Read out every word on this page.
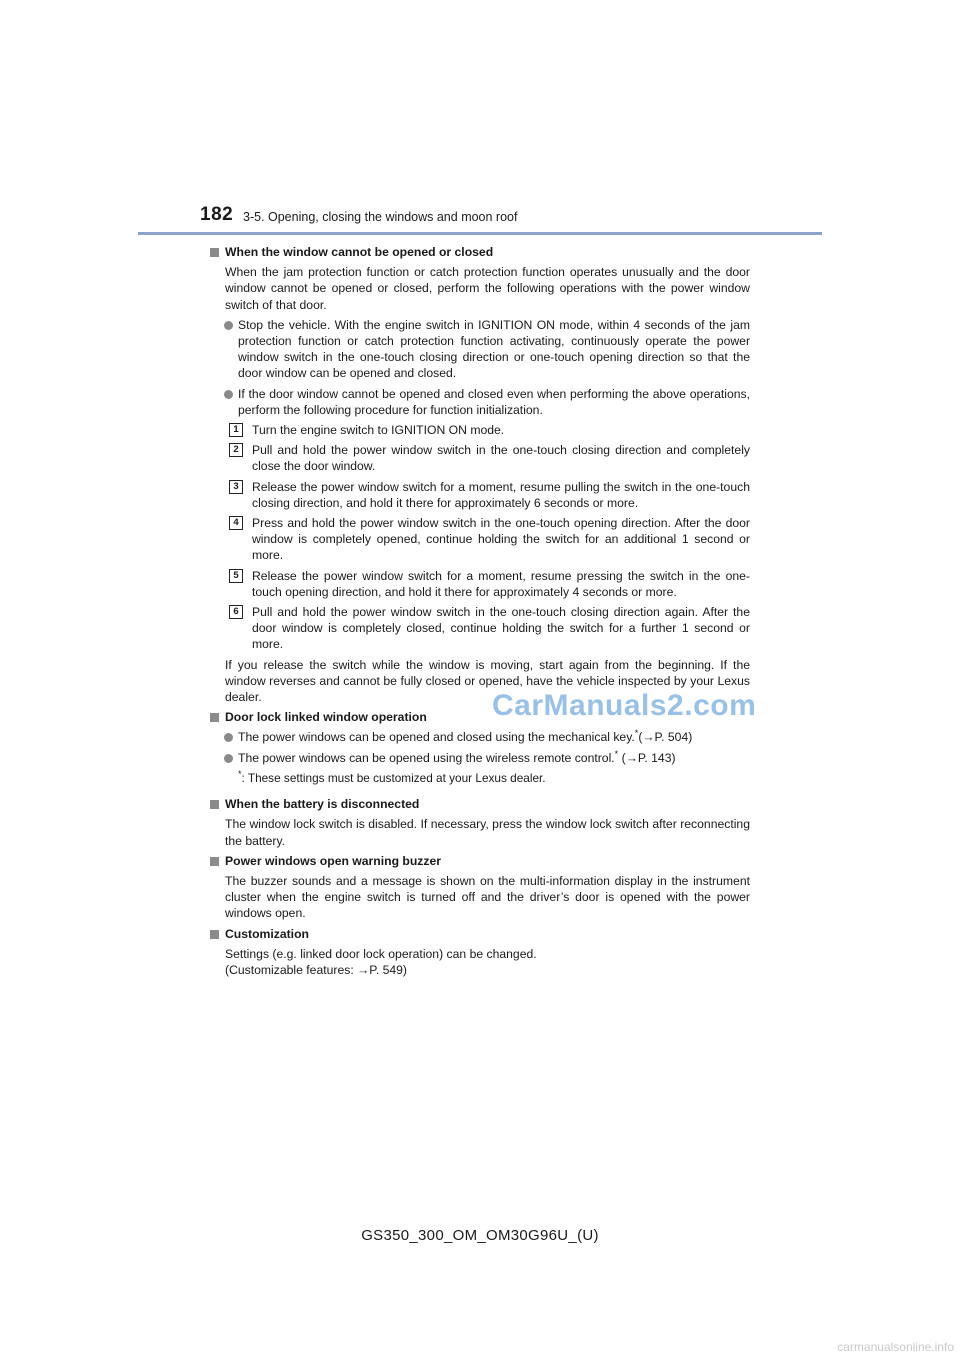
182 3-5. Opening, closing the windows and moon roof
When the window cannot be opened or closed

When the jam protection function or catch protection function operates unusually and the door window cannot be opened or closed, perform the following operations with the power window switch of that door.

Stop the vehicle. With the engine switch in IGNITION ON mode, within 4 seconds of the jam protection function or catch protection function activating, continuously operate the power window switch in the one-touch closing direction or one-touch opening direction so that the door window can be opened and closed.
If the door window cannot be opened and closed even when performing the above operations, perform the following procedure for function initialization.
1	Turn the engine switch to IGNITION ON mode.
2	Pull and hold the power window switch in the one-touch closing direction and completely close the door window.
3	Release the power window switch for a moment, resume pulling the switch in the one-touch closing direction, and hold it there for approximately 6 seconds or more.
4	Press and hold the power window switch in the one-touch opening direction. After the door window is completely opened, continue holding the switch for an additional 1 second or more.
5	Release the power window switch for a moment, resume pressing the switch in the one-touch opening direction, and hold it there for approximately 4 seconds or more.
6	Pull and hold the power window switch in the one-touch closing direction again. After the door window is completely closed, continue holding the switch for a further 1 second or more.

If you release the switch while the window is moving, start again from the beginning. If the window reverses and cannot be fully closed or opened, have the vehicle inspected by your Lexus dealer.

Door lock linked window operation
The power windows can be opened and closed using the mechanical key.*(→P. 504)
The power windows can be opened using the wireless remote control.* (→P. 143)
*: These settings must be customized at your Lexus dealer.
When the battery is disconnected

The window lock switch is disabled. If necessary, press the window lock switch after reconnecting the battery.

Power windows open warning buzzer

The buzzer sounds and a message is shown on the multi-information display in the instrument cluster when the engine switch is turned off and the driver’s door is opened with the power windows open.

Customization

Settings (e.g. linked door lock operation) can be changed.

(Customizable features: →P. 549)

CarManuals2.com
GS350_300_OM_OM30G96U_(U)
carmanualsonline.info
